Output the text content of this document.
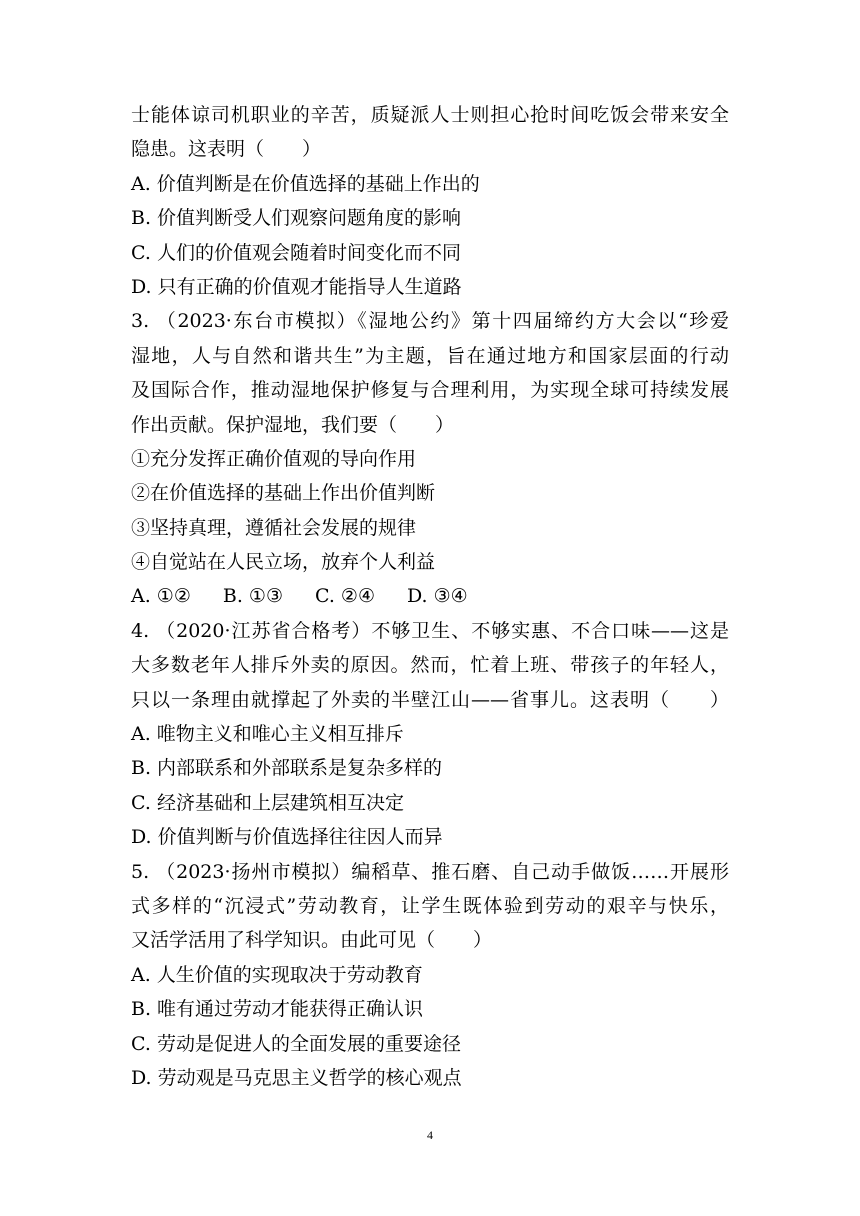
士能体谅司机职业的辛苦，质疑派人士则担心抢时间吃饭会带来安全
隐患。这表明（　　）
A. 价值判断是在价值选择的基础上作出的
B. 价值判断受人们观察问题角度的影响
C. 人们的价值观会随着时间变化而不同
D. 只有正确的价值观才能指导人生道路
3. （2023·东台市模拟）《湿地公约》第十四届缔约方大会以“珍爱
湿地，人与自然和谐共生”为主题，旨在通过地方和国家层面的行动
及国际合作，推动湿地保护修复与合理利用，为实现全球可持续发展
作出贡献。保护湿地，我们要（　　）
①充分发挥正确价值观的导向作用
②在价值选择的基础上作出价值判断
③坚持真理，遵循社会发展的规律
④自觉站在人民立场，放弃个人利益
A. ①② B. ①③ C. ②④ D. ③④
4. （2020·江苏省合格考）不够卫生、不够实惠、不合口味——这是
大多数老年人排斥外卖的原因。然而，忙着上班、带孩子的年轻人，
只以一条理由就撑起了外卖的半壁江山——省事儿。这表明（　　）
A. 唯物主义和唯心主义相互排斥
B. 内部联系和外部联系是复杂多样的
C. 经济基础和上层建筑相互决定
D. 价值判断与价值选择往往因人而异
5. （2023·扬州市模拟）编稻草、推石磨、自己动手做饭……开展形
式多样的“沉浸式”劳动教育，让学生既体验到劳动的艰辛与快乐，
又活学活用了科学知识。由此可见（　　）
A. 人生价值的实现取决于劳动教育
B. 唯有通过劳动才能获得正确认识
C. 劳动是促进人的全面发展的重要途径
D. 劳动观是马克思主义哲学的核心观点
4
